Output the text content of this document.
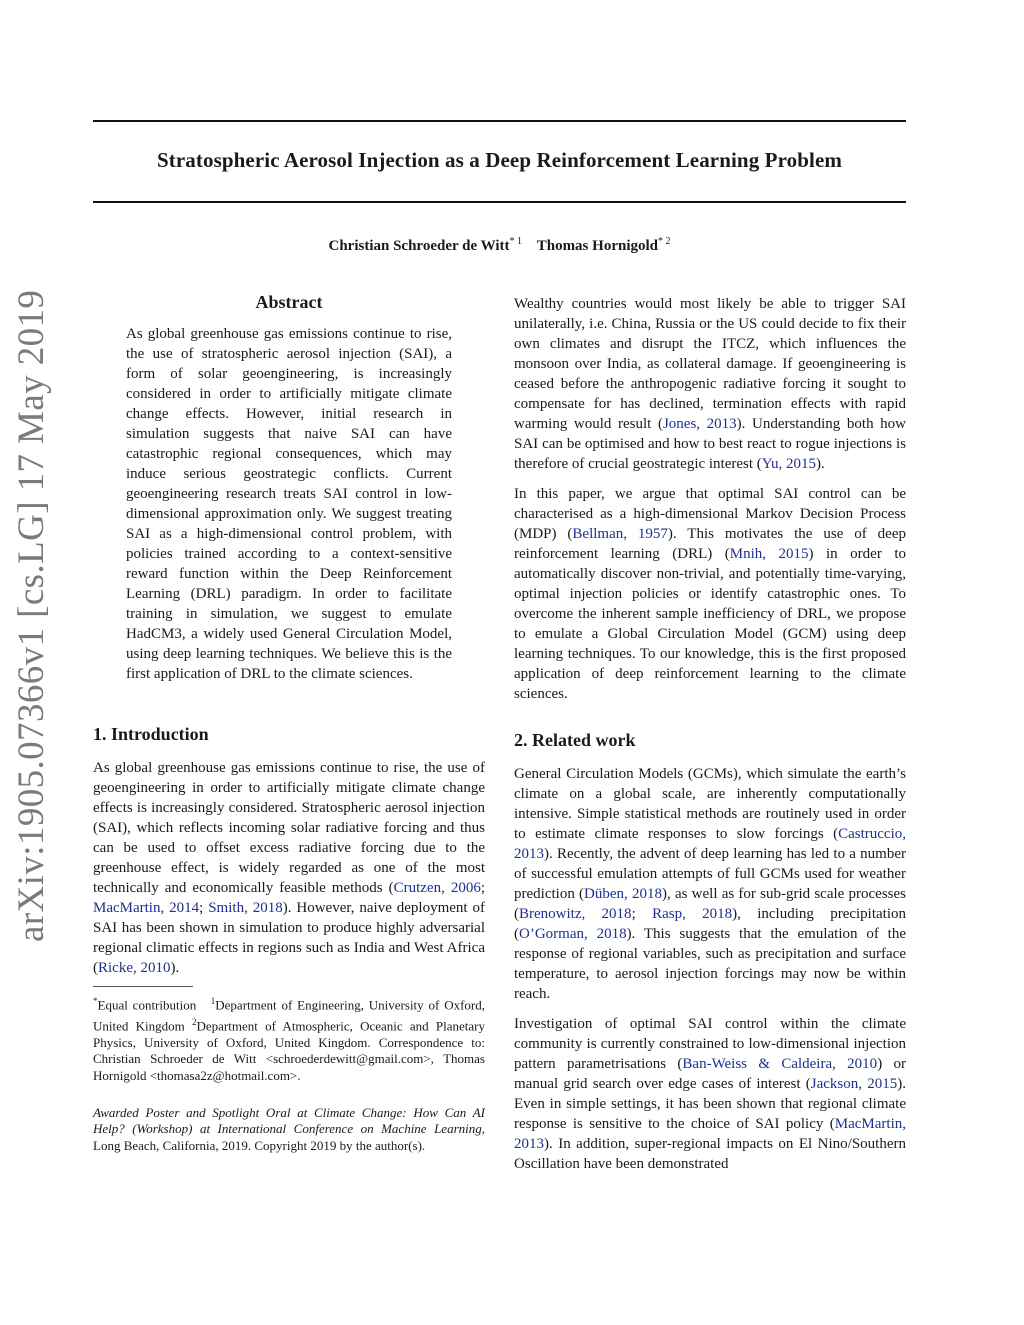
Stratospheric Aerosol Injection as a Deep Reinforcement Learning Problem
Christian Schroeder de Witt$^{* 1}$ Thomas Hornigold$^{* 2}$
arXiv:1905.07366v1 [cs.LG] 17 May 2019	Abstract

As global greenhouse gas emissions continue to rise, the use of stratospheric aerosol injection (SAI), a form of solar geoengineering, is increasingly considered in order to artificially mitigate climate change effects. However, initial research in simulation suggests that naive SAI can have catastrophic regional consequences, which may induce serious geostrategic conflicts. Current geoengineering research treats SAI control in low-dimensional approximation only. We suggest treating SAI as a high-dimensional control problem, with policies trained according to a context-sensitive reward function within the Deep Reinforcement Learning (DRL) paradigm. In order to facilitate training in simulation, we suggest to emulate HadCM3, a widely used General Circulation Model, using deep learning techniques. We believe this is the first application of DRL to the climate sciences.

1. Introduction

As global greenhouse gas emissions continue to rise, the use of geoengineering in order to artificially mitigate climate change effects is increasingly considered. Stratospheric aerosol injection (SAI), which reflects incoming solar radiative forcing and thus can be used to offset excess radiative forcing due to the greenhouse effect, is widely regarded as one of the most technically and economically feasible methods (Crutzen, 2006; MacMartin, 2014; Smith, 2018). However, naive deployment of SAI has been shown in simulation to produce highly adversarial regional climatic effects in regions such as India and West Africa (Ricke, 2010).

*Equal contribution $^1$Department of Engineering, University of Oxford, United Kingdom $^2$Department of Atmospheric, Oceanic and Planetary Physics, University of Oxford, United Kingdom. Correspondence to: Christian Schroeder de Witt <schroederdewitt@gmail.com>, Thomas Hornigold <thomasa2z@hotmail.com>.

Awarded Poster and Spotlight Oral at Climate Change: How Can AI Help? (Workshop) at International Conference on Machine Learning, Long Beach, California, 2019. Copyright 2019 by the author(s).

Wealthy countries would most likely be able to trigger SAI unilaterally, i.e. China, Russia or the US could decide to fix their own climates and disrupt the ITCZ, which influences the monsoon over India, as collateral damage. If geoengineering is ceased before the anthropogenic radiative forcing it sought to compensate for has declined, termination effects with rapid warming would result (Jones, 2013). Understanding both how SAI can be optimised and how to best react to rogue injections is therefore of crucial geostrategic interest (Yu, 2015).

In this paper, we argue that optimal SAI control can be characterised as a high-dimensional Markov Decision Process (MDP) (Bellman, 1957). This motivates the use of deep reinforcement learning (DRL) (Mnih, 2015) in order to automatically discover non-trivial, and potentially time-varying, optimal injection policies or identify catastrophic ones. To overcome the inherent sample inefficiency of DRL, we propose to emulate a Global Circulation Model (GCM) using deep learning techniques. To our knowledge, this is the first proposed application of deep reinforcement learning to the climate sciences.

2. Related work

General Circulation Models (GCMs), which simulate the earth’s climate on a global scale, are inherently computationally intensive. Simple statistical methods are routinely used in order to estimate climate responses to slow forcings (Castruccio, 2013). Recently, the advent of deep learning has led to a number of successful emulation attempts of full GCMs used for weather prediction (Düben, 2018), as well as for sub-grid scale processes (Brenowitz, 2018; Rasp, 2018), including precipitation (O’Gorman, 2018). This suggests that the emulation of the response of regional variables, such as precipitation and surface temperature, to aerosol injection forcings may now be within reach.

Investigation of optimal SAI control within the climate community is currently constrained to low-dimensional injection pattern parametrisations (Ban-Weiss & Caldeira, 2010) or manual grid search over edge cases of interest (Jackson, 2015). Even in simple settings, it has been shown that regional climate response is sensitive to the choice of SAI policy (MacMartin, 2013). In addition, super-regional impacts on El Nino/Southern Oscillation have been demonstrated
